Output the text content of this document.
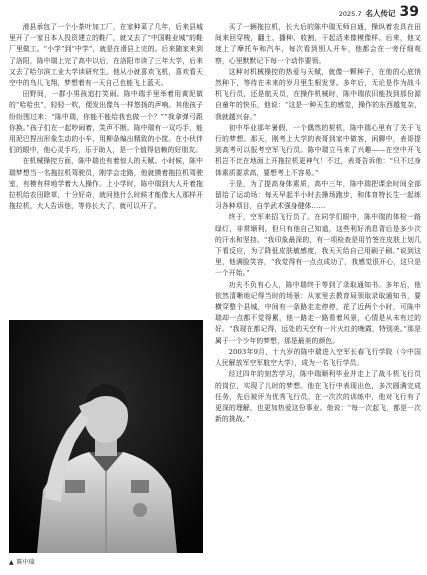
2025.7 名人传记 39

滑县承包了一个小茶叶加工厂，在家种菜了几年，后来县城里开了一家日本人投资建立的鞋厂，就又去了“中国鞋业城”的鞋厂里做工。“小学”到“中学”，就是在滑县上完的。后来随家来到了洛阳，陈中瑞上完了高中以后，在洛阳市读了三年大学，后来又去了哈尔滨工业大学读研究生。他从小就喜欢飞机，喜欢看天空中的鸟儿飞翔，梦想着有一天自己也能飞上蓝天。

田野间，一群小男孩追打笑闹。陈中瑞手里举着用黄泥做的“哈哈虫”，轻轻一吹，便发出像鸟一样悠扬的声响。其他孩子纷纷围过来：“陈中瑞，你能不能给我也做一个？”“我拿弹弓跟你换。”孩子们在一起吵闹着，笑声不断。陈中瑞有一双巧手，能用泥巴捏出形象生动的小车、用柳条编出精致的小筐。在小伙伴们的眼中，他心灵手巧，乐于助人，是一个值得信赖的好朋友。

在机械操控方面，陈中瑞也有着惊人的天赋。小时候，陈中瑞梦想当一名拖拉机驾驶员，刚学会走路，他就摸着拖拉机驾驶室，有模有样地学着大人操作。上小学时，陈中瑞到大人开着拖拉机给农田除草，十分好奇，就问他什么时候才能像大人那样开拖拉机，大人告诉他，等你长大了，就可以开了。

▲ 陈中瑞

买了一辆拖拉机，长大后的陈中瑞无师自通，操纵着农具在田间来回穿梭，翻土、播种、收割，干起活来像模像样。后来，他又迷上了摩托车和汽车，每次看到别人开车，他都会在一旁仔细观察，心里默默记下每一个动作要领。

这种对机械操控的热爱与天赋，就像一颗种子，在他的心底悄然种下，等待在未来的岁月里生根发芽。多年后，无论是作为战斗机飞行员，还是航天员，在操作机械时，陈中瑞依旧能找到那份源自童年的快乐，他说：“这是一种天生的感觉，操作的东西越复杂，我就越兴奋。”

初中毕业那年暑假，一个偶然的契机，陈中瑞心里有了关于飞行的梦想。那天，刚考上大学的表哥到家中做客，闲聊中，表哥提到高考可以报考空军飞行员。陈中瑞立马来了兴趣——在空中开飞机岂不比在地面上开拖拉机更神气！不过，表哥告诉他：“只不过身体素质要求高，要想考上不容易。”

于是，为了提高身体素质，高中三年，陈中瑞把课余时间全部留给了运动场：每天早起半小时去操场跑步，和体育特长生一起练习各种项目，自学武术强身健体……

终于，空军来招飞行员了。在同学们眼中，陈中瑞的体检一路绿灯，非常顺利。但只有他自己知道，这些利好消息背后是多少次的汗水和坚持。“我印象最深的，有一项检查是用竹签在皮肤上划几下看反应，为了降低皮肤敏感度，我天天给自己用刷子刷。”说到这里，他满脸笑容，“我觉得有一点点成功了，我感觉很开心，这只是一个开始。”

功夫不负有心人，陈中瑞终于等到了录取通知书。多年后，他依然清晰地记得当时的场景：从家里去教育局领取录取通知书，要横穿整个县城，中间有一条路走走停停，花了近两个小时，可陈中瑞却一点都不觉得累，他一路走一路看着风景，心情是从未有过的好。“我现在都记得，远处的天空有一片火红的晚霞，特别美。”那是属于一个少年的梦想，那是最美的颜色。

2003年9月，十九岁的陈中瑞进入空军长春飞行学院（今中国人民解放军空军航空大学），成为一名飞行学员。

经过四年的刻苦学习，陈中瑞顺利毕业并走上了战斗机飞行员的岗位，实现了儿时的梦想。他在飞行中表现出色，多次圆满完成任务，先后被评为优秀飞行员。在一次次的训练中，他对飞行有了更深的理解，也更加热爱这份事业。他说：“每一次起飞，都是一次新的挑战。”
